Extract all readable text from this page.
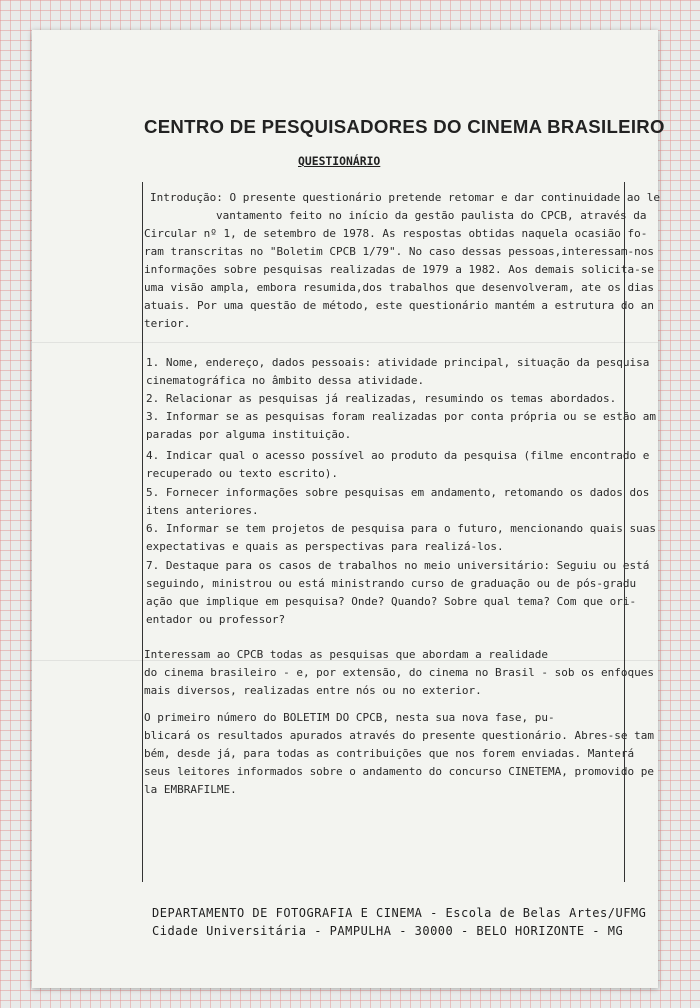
CENTRO DE PESQUISADORES DO CINEMA BRASILEIRO
QUESTIONÁRIO

Introdução: O presente questionário pretende retomar e dar continuidade ao le

vantamento feito no início da gestão paulista do CPCB, através da

Circular nº 1, de setembro de 1978. As respostas obtidas naquela ocasião fo-

ram transcritas no "Boletim CPCB 1/79". No caso dessas pessoas,interessam-nos

informações sobre pesquisas realizadas de 1979 a 1982. Aos demais solicita-se

uma visão ampla, embora resumida,dos trabalhos que desenvolveram, ate os dias

atuais. Por uma questão de método, este questionário mantém a estrutura do an

terior.

1. Nome, endereço, dados pessoais: atividade principal, situação da pesquisa

cinematográfica no âmbito dessa atividade.

2. Relacionar as pesquisas já realizadas, resumindo os temas abordados.

3. Informar se as pesquisas foram realizadas por conta própria ou se estão am

paradas por alguma instituição.

4. Indicar qual o acesso possível ao produto da pesquisa (filme encontrado e

recuperado ou texto escrito).

5. Fornecer informações sobre pesquisas em andamento, retomando os dados dos

itens anteriores.

6. Informar se tem projetos de pesquisa para o futuro, mencionando quais suas

expectativas e quais as perspectivas para realizá-los.

7. Destaque para os casos de trabalhos no meio universitário: Seguiu ou está

seguindo, ministrou ou está ministrando curso de graduação ou de pós-gradu

ação que implique em pesquisa? Onde? Quando? Sobre qual tema? Com que ori-

entador ou professor?

Interessam ao CPCB todas as pesquisas que abordam a realidade

do cinema brasileiro - e, por extensão, do cinema no Brasil - sob os enfoques

mais diversos, realizadas entre nós ou no exterior.

O primeiro número do BOLETIM DO CPCB, nesta sua nova fase, pu-

blicará os resultados apurados através do presente questionário. Abres-se tam

bém, desde já, para todas as contribuições que nos forem enviadas. Manterá

seus leitores informados sobre o andamento do concurso CINETEMA, promovido pe

la EMBRAFILME.

DEPARTAMENTO DE FOTOGRAFIA E CINEMA - Escola de Belas Artes/UFMG

Cidade Universitária - PAMPULHA - 30000 - BELO HORIZONTE - MG
